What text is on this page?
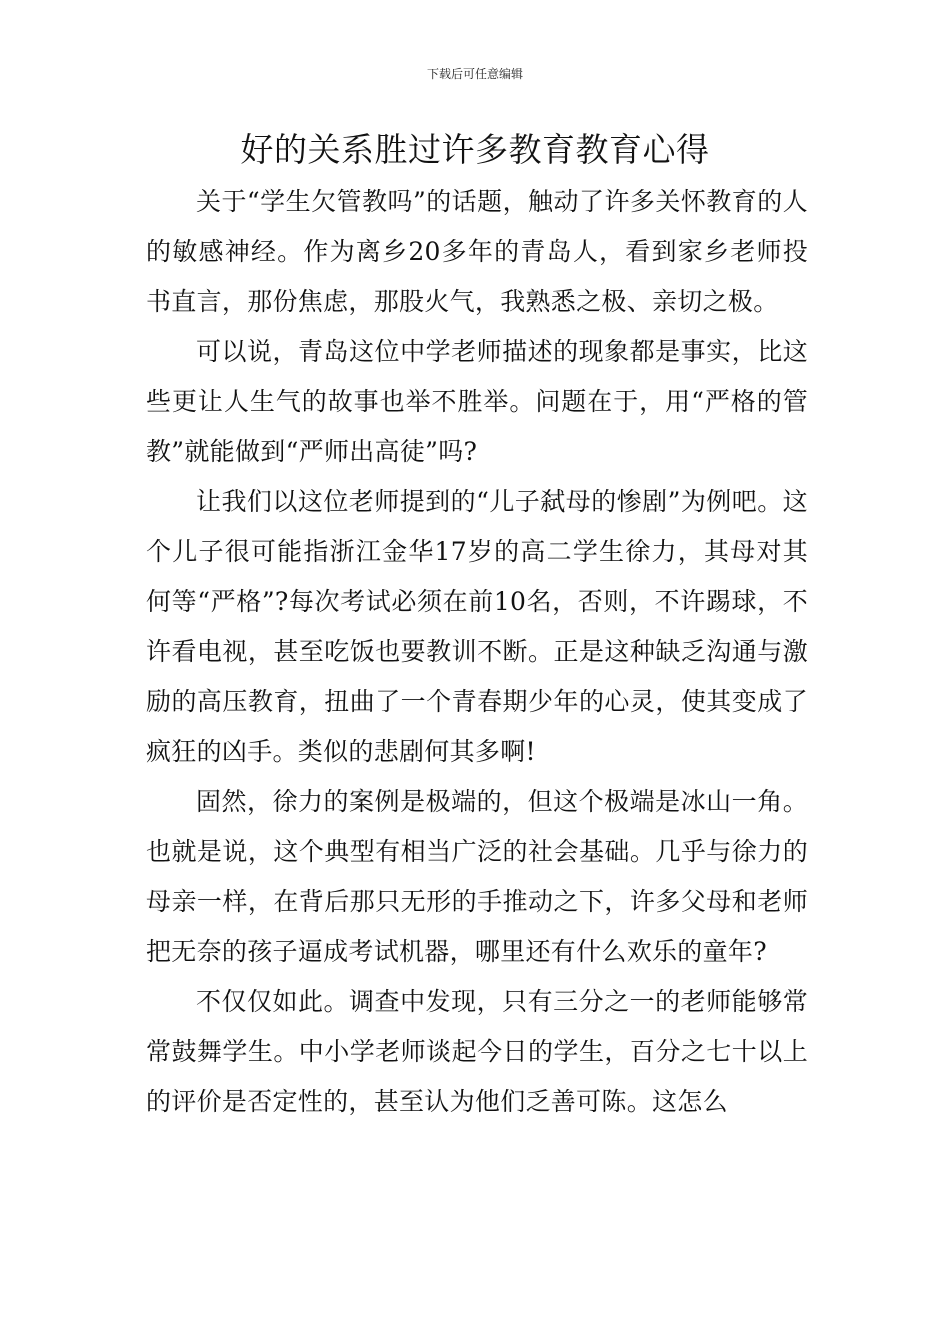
下载后可任意编辑
好的关系胜过许多教育教育心得

关于“学生欠管教吗”的话题，触动了许多关怀教育的人的敏感神经。作为离乡20多年的青岛人，看到家乡老师投书直言，那份焦虑，那股火气，我熟悉之极、亲切之极。

可以说，青岛这位中学老师描述的现象都是事实，比这些更让人生气的故事也举不胜举。问题在于，用“严格的管教”就能做到“严师出高徒”吗?

让我们以这位老师提到的“儿子弑母的惨剧”为例吧。这个儿子很可能指浙江金华17岁的高二学生徐力，其母对其何等“严格”?每次考试必须在前10名，否则，不许踢球，不许看电视，甚至吃饭也要教训不断。正是这种缺乏沟通与激励的高压教育，扭曲了一个青春期少年的心灵，使其变成了疯狂的凶手。类似的悲剧何其多啊!

固然，徐力的案例是极端的，但这个极端是冰山一角。也就是说，这个典型有相当广泛的社会基础。几乎与徐力的母亲一样，在背后那只无形的手推动之下，许多父母和老师把无奈的孩子逼成考试机器，哪里还有什么欢乐的童年?

不仅仅如此。调查中发现，只有三分之一的老师能够常常鼓舞学生。中小学老师谈起今日的学生，百分之七十以上的评价是否定性的，甚至认为他们乏善可陈。这怎么
